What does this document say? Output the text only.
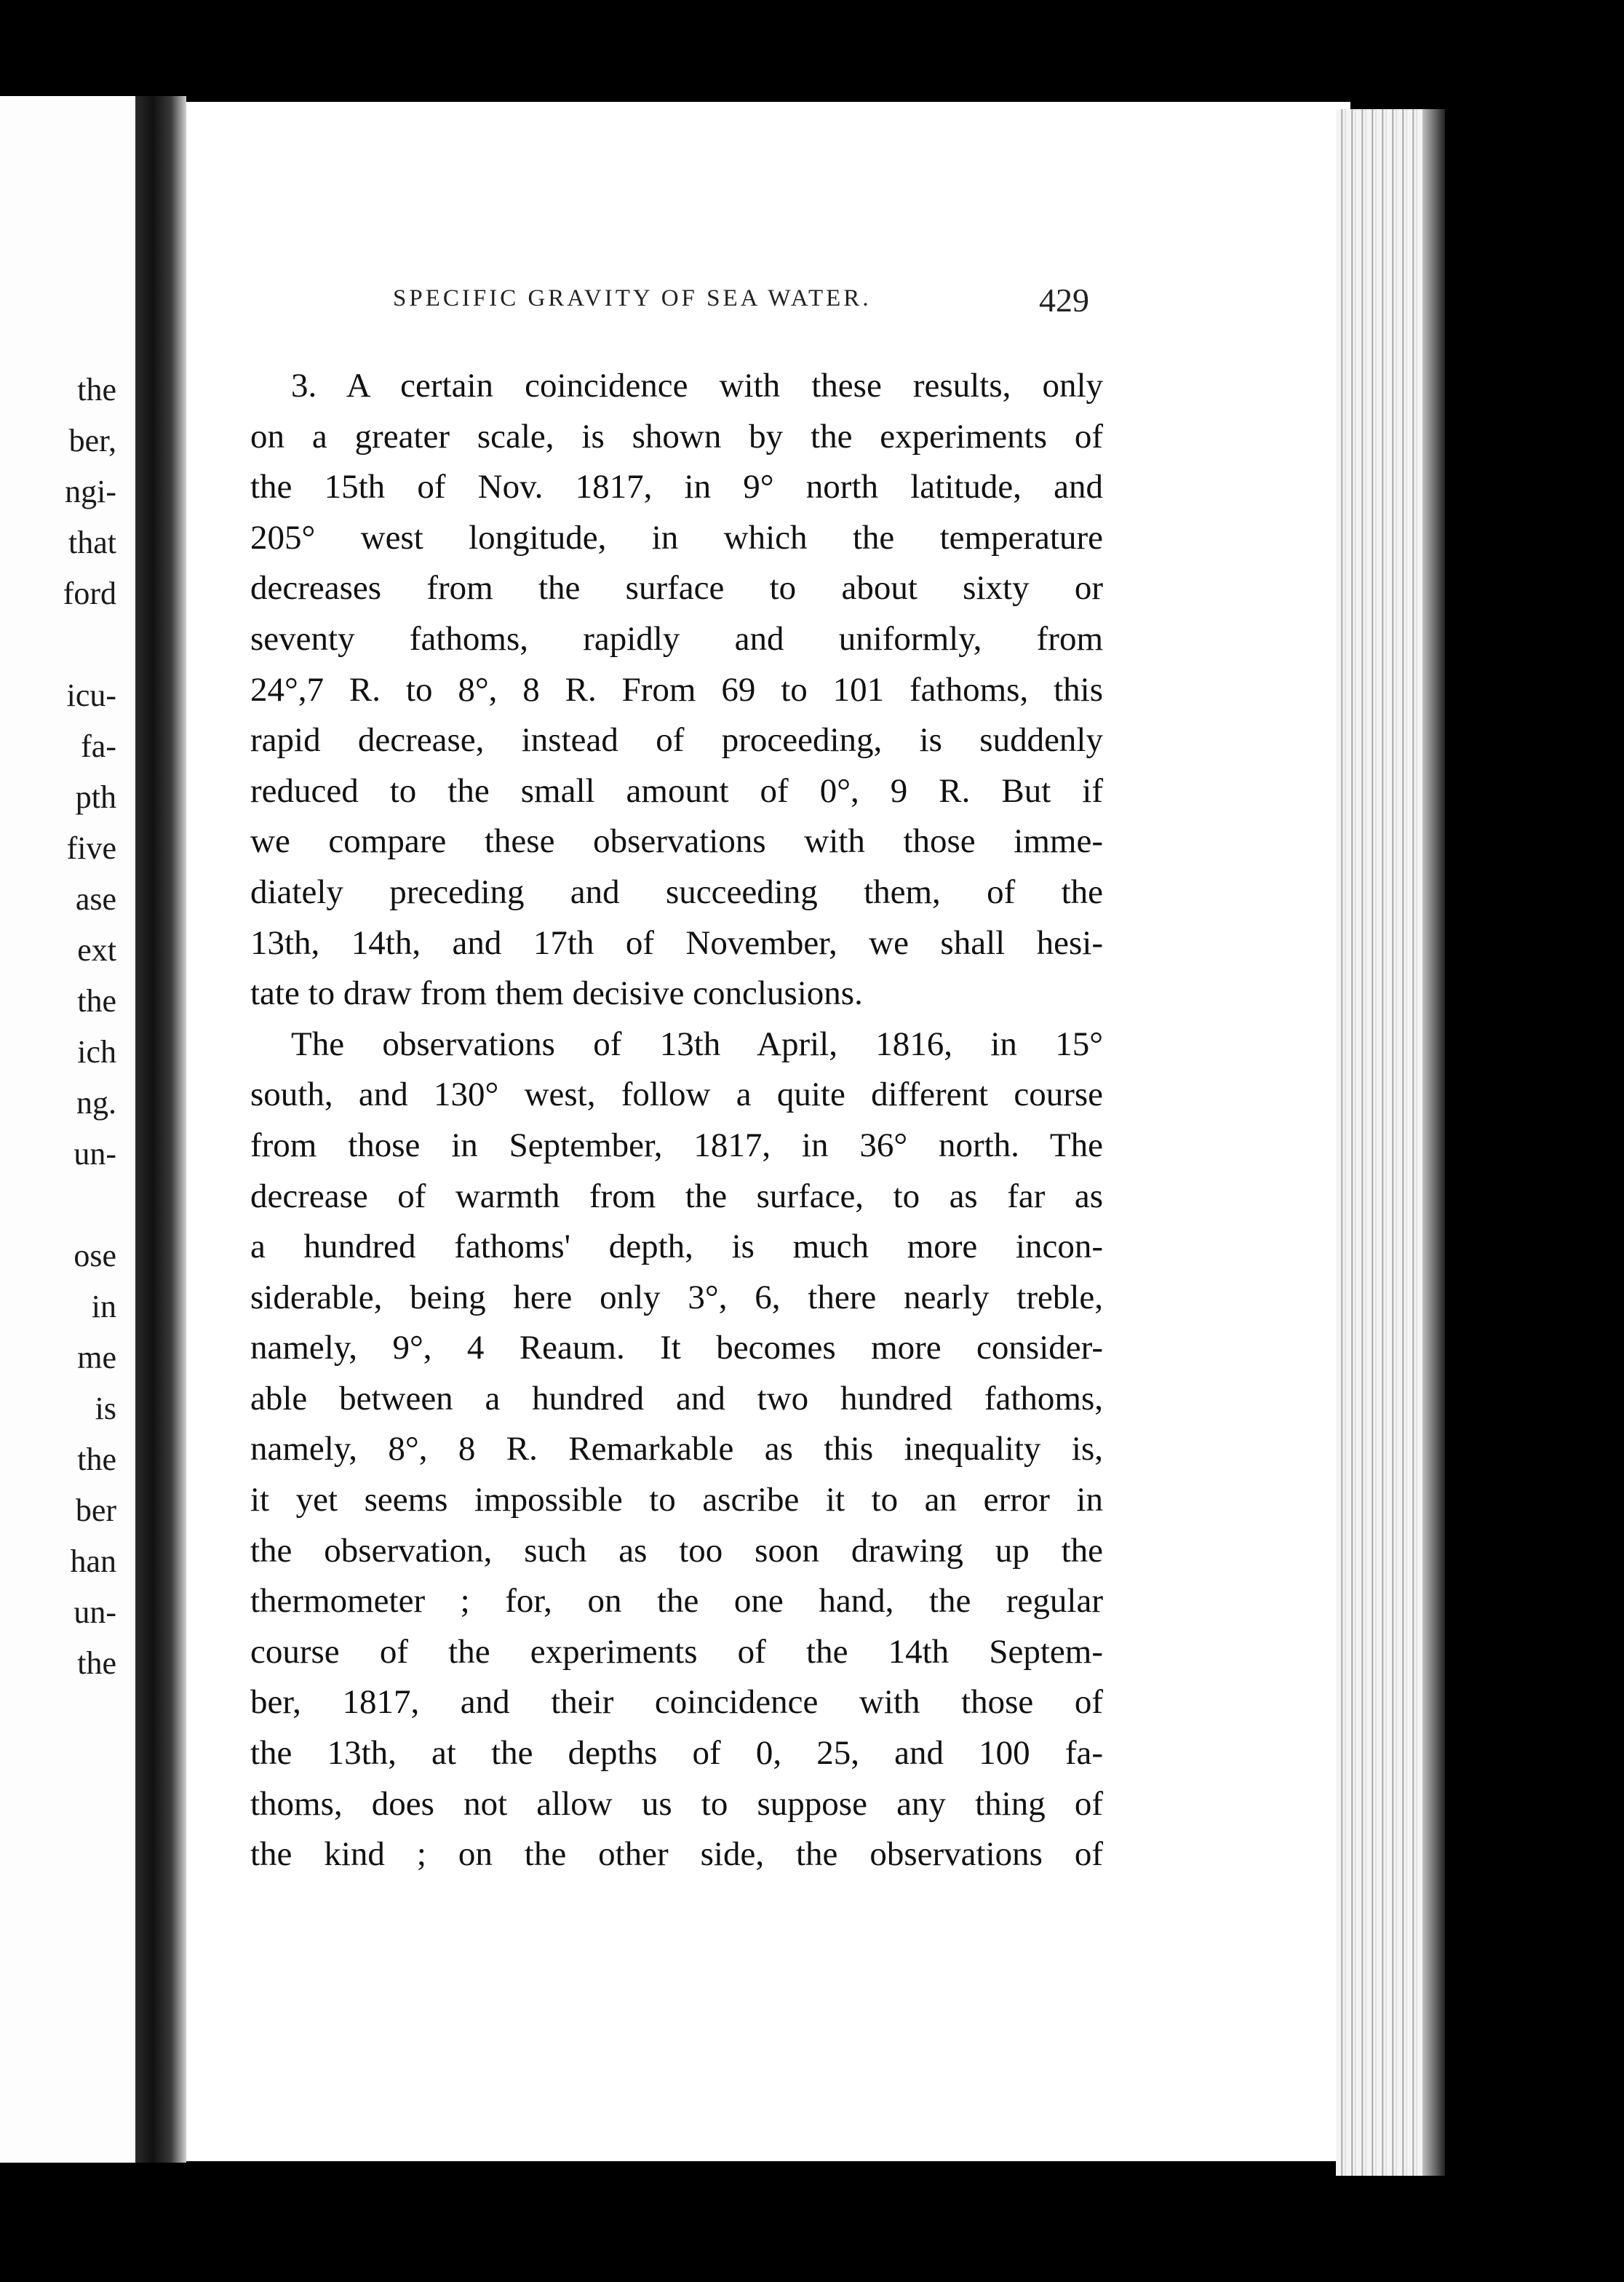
the
ber,
ngi-
that
ford
icu-
fa-
pth
five
ase
ext
the
ich
ng.
un-
ose
in
me
is
the
ber
han
un-
the
SPECIFIC GRAVITY OF SEA WATER.	429
3. A certain coincidence with these results, only
on a greater scale, is shown by the experiments of
the 15th of Nov. 1817, in 9° north latitude, and
205° west longitude, in which the temperature
decreases from the surface to about sixty or
seventy fathoms, rapidly and uniformly, from
24°,7 R. to 8°, 8 R. From 69 to 101 fathoms, this
rapid decrease, instead of proceeding, is suddenly
reduced to the small amount of 0°, 9 R. But if
we compare these observations with those imme-
diately preceding and succeeding them, of the
13th, 14th, and 17th of November, we shall hesi-
tate to draw from them decisive conclusions.
The observations of 13th April, 1816, in 15°
south, and 130° west, follow a quite different course
from those in September, 1817, in 36° north. The
decrease of warmth from the surface, to as far as
a hundred fathoms' depth, is much more incon-
siderable, being here only 3°, 6, there nearly treble,
namely, 9°, 4 Reaum. It becomes more consider-
able between a hundred and two hundred fathoms,
namely, 8°, 8 R. Remarkable as this inequality is,
it yet seems impossible to ascribe it to an error in
the observation, such as too soon drawing up the
thermometer ; for, on the one hand, the regular
course of the experiments of the 14th Septem-
ber, 1817, and their coincidence with those of
the 13th, at the depths of 0, 25, and 100 fa-
thoms, does not allow us to suppose any thing of
the kind ; on the other side, the observations of
